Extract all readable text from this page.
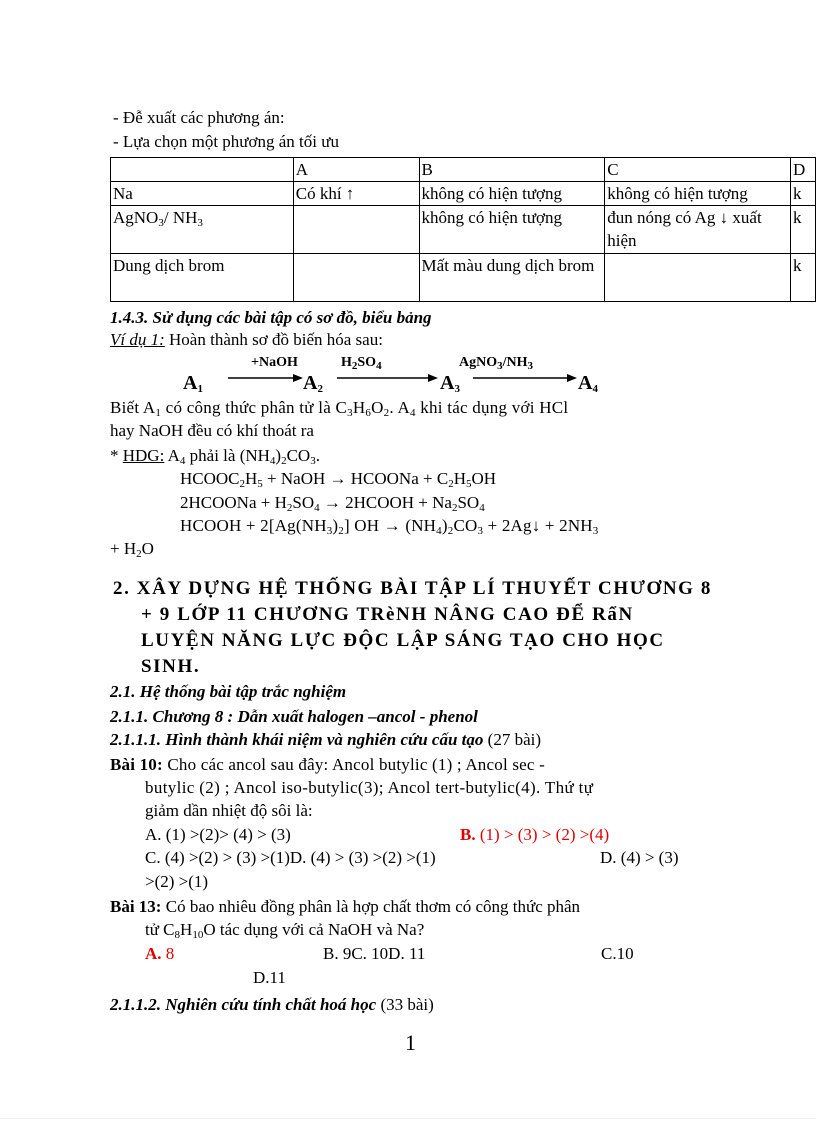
- Đễ xuất các phương án:
- Lựa chọn một phương án tối ưu
	A	B	C	D
Na	Có khí ↑	không có hiện tượng	không có hiện tượng	k
AgNO$_3$/ $NH_3$		không có hiện tượng	đun nóng có Ag ↓ xuất hiện	k
Dung dịch brom		Mất màu dung dịch brom		k
1.4.3. Sử dụng các bài tập có sơ đồ, biểu bảng
Ví dụ 1: Hoàn thành sơ đồ biến hóa sau:
$A_1$	$A_2$	$A_3$	$A_4$
+NaOH	$H_2SO_4$	$AgNO_3/NH_3$
Biết $A_1$ có công thức phân tử là $C_3H_6O_2$. $A_4$ khi tác dụng với HCl
hay NaOH đều có khí thoát ra
* HDG: $A_4$ phải là $(NH_4)_2CO_3$.
$HCOOC_2H_5$ + NaOH → HCOONa + $C_2H_5OH$
2HCOONa + $H_2SO_4$ → 2HCOOH + $Na_2SO_4$
HCOOH + $2[Ag(NH_3)_2]$ OH → $(NH_4)_2CO_3$ + 2Ag↓ + $2NH_3$
+ $H_2O$
2. XÂY DỰNG HỆ THỐNG BÀI TẬP LÍ THUYẾT CHƯƠNG 8
+ 9 LỚP 11 CHƯƠNG TRèNH NÂNG CAO ĐỂ RẩN
LUYỆN NĂNG LỰC ĐỘC LẬP SÁNG TẠO CHO HỌC
SINH.
2.1. Hệ thống bài tập trắc nghiệm
2.1.1. Chương 8 : Dẫn xuất halogen –ancol - phenol
2.1.1.1. Hình thành khái niệm và nghiên cứu cấu tạo (27 bài)
Bài 10: Cho các ancol sau đây: Ancol butylic (1) ; Ancol sec -
butylic (2) ; Ancol iso-butylic(3); Ancol tert-butylic(4). Thứ tự
giảm dần nhiệt độ sôi là:
A. (1) >(2)> (4) > (3)	B. (1) > (3) > (2) >(4)
C. (4) >(2) > (3) >(1)D. (4) > (3) >(2) >(1)	D. (4) > (3)
>(2) >(1)
Bài 13: Có bao nhiêu đồng phân là hợp chất thơm có công thức phân
tử $C_8H_{10}O$ tác dụng với cả NaOH và Na?
A. 8	B. 9C. 10D. 11	C.10
D.11
2.1.1.2. Nghiên cứu tính chất hoá học (33 bài)
1
